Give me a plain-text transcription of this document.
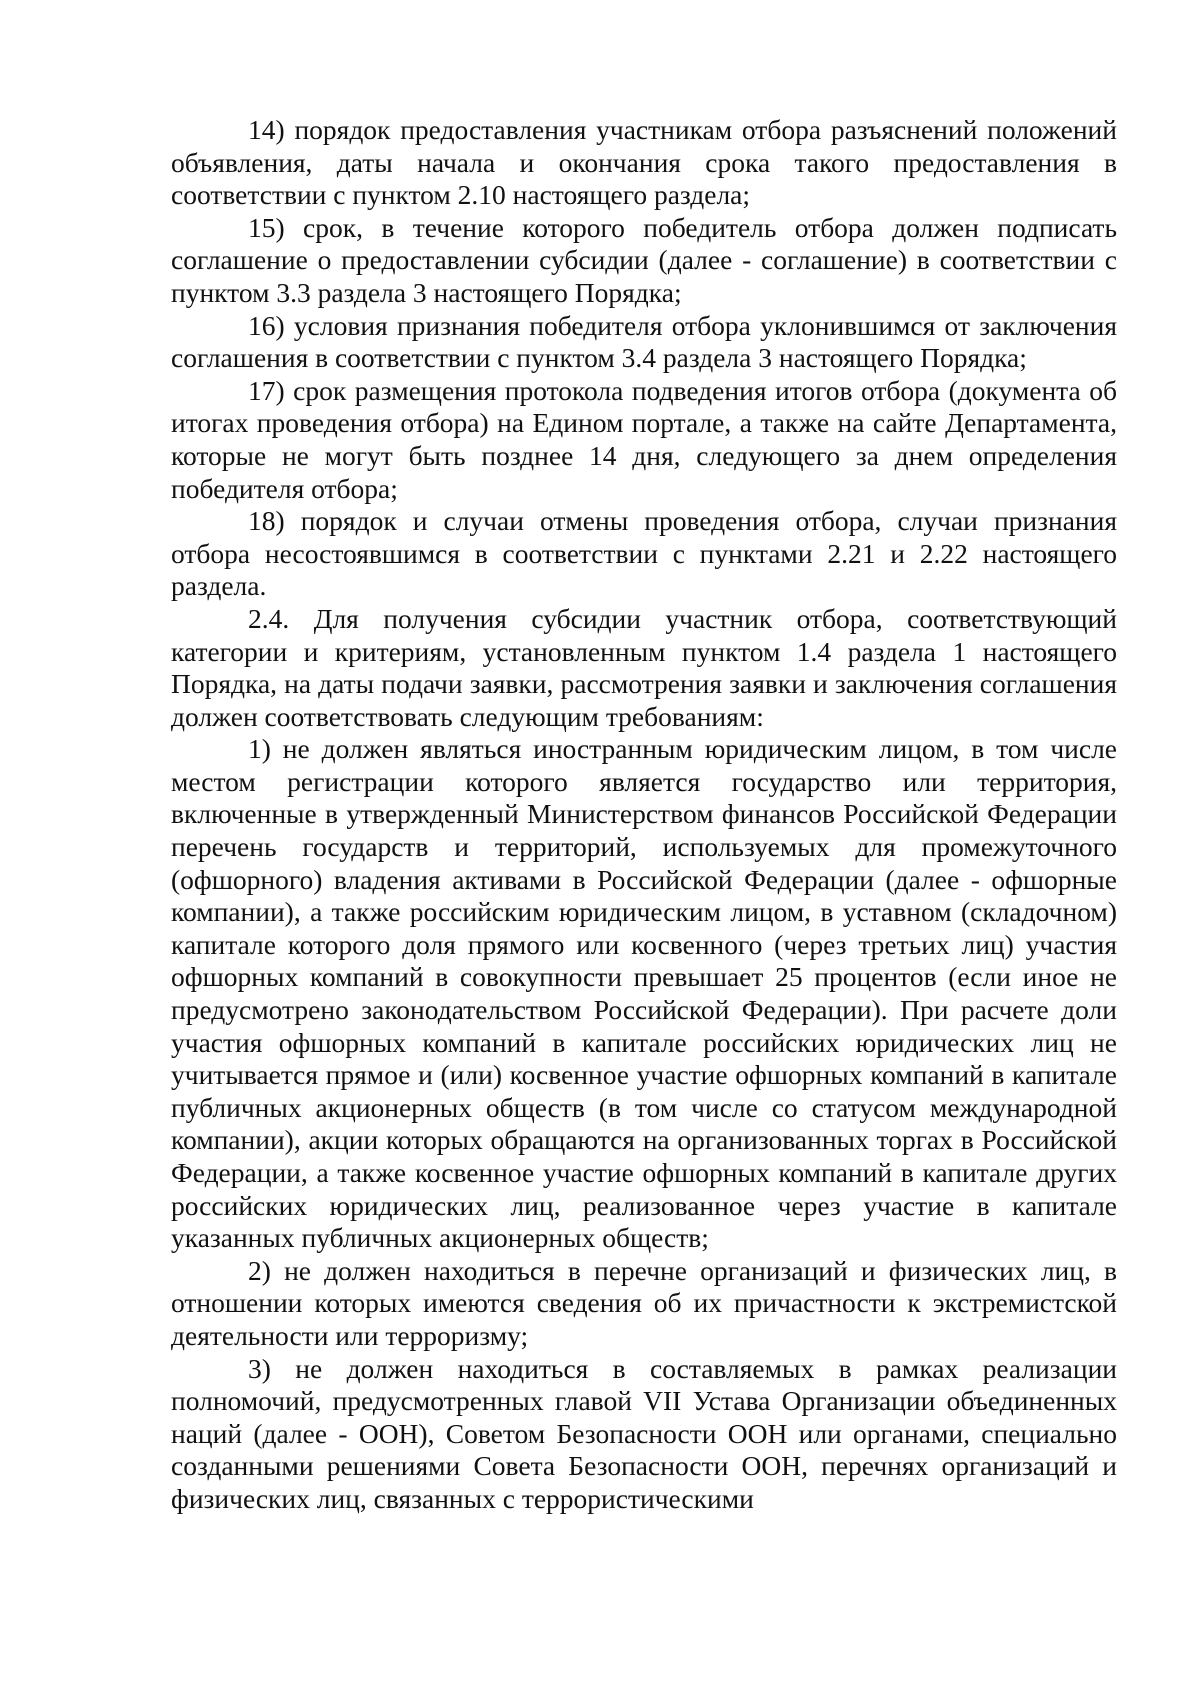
14) порядок предоставления участникам отбора разъяснений положений объявления, даты начала и окончания срока такого предоставления в соответствии с пунктом 2.10 настоящего раздела;

15) срок, в течение которого победитель отбора должен подписать соглашение о предоставлении субсидии (далее - соглашение) в соответствии с пунктом 3.3 раздела 3 настоящего Порядка;

16) условия признания победителя отбора уклонившимся от заключения соглашения в соответствии с пунктом 3.4 раздела 3 настоящего Порядка;

17) срок размещения протокола подведения итогов отбора (документа об итогах проведения отбора) на Едином портале, а также на сайте Департамента, которые не могут быть позднее 14 дня, следующего за днем определения победителя отбора;

18) порядок и случаи отмены проведения отбора, случаи признания отбора несостоявшимся в соответствии с пунктами 2.21 и 2.22 настоящего раздела.

2.4. Для получения субсидии участник отбора, соответствующий категории и критериям, установленным пунктом 1.4 раздела 1 настоящего Порядка, на даты подачи заявки, рассмотрения заявки и заключения соглашения должен соответствовать следующим требованиям:

1) не должен являться иностранным юридическим лицом, в том числе местом регистрации которого является государство или территория, включенные в утвержденный Министерством финансов Российской Федерации перечень государств и территорий, используемых для промежуточного (офшорного) владения активами в Российской Федерации (далее - офшорные компании), а также российским юридическим лицом, в уставном (складочном) капитале которого доля прямого или косвенного (через третьих лиц) участия офшорных компаний в совокупности превышает 25 процентов (если иное не предусмотрено законодательством Российской Федерации). При расчете доли участия офшорных компаний в капитале российских юридических лиц не учитывается прямое и (или) косвенное участие офшорных компаний в капитале публичных акционерных обществ (в том числе со статусом международной компании), акции которых обращаются на организованных торгах в Российской Федерации, а также косвенное участие офшорных компаний в капитале других российских юридических лиц, реализованное через участие в капитале указанных публичных акционерных обществ;

2) не должен находиться в перечне организаций и физических лиц, в отношении которых имеются сведения об их причастности к экстремистской деятельности или терроризму;

3) не должен находиться в составляемых в рамках реализации полномочий, предусмотренных главой VII Устава Организации объединенных наций (далее - ООН), Советом Безопасности ООН или органами, специально созданными решениями Совета Безопасности ООН, перечнях организаций и физических лиц, связанных с террористическими
